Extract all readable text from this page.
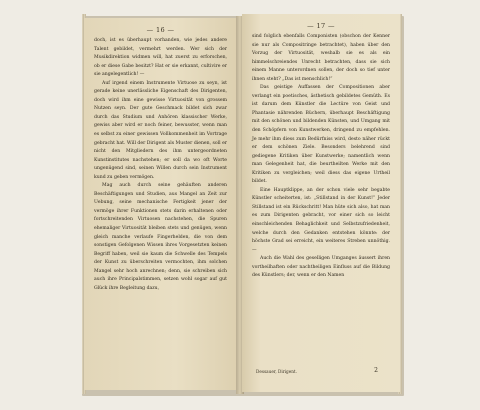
— 16 —

doch, ist es überhaupt vorhanden, wie jedes andere Talent gebildet, vermehrt werden. Wer sich der Musikdirektion widmen will, hat zuerst zu erforschen, ob er diese Gabe besitzt? Hat er sie erkannt, cultivire er sie angelegentlich! —

Auf irgend einem Instrumente Virtuose zu seyn, ist gerade keine unerlässliche Eigenschaft des Dirigenten, doch wird ihm eine gewisse Virtuosität von grossem Nutzen seyn. Der gute Geschmack bildet sich zwar durch das Studium und Anhören klassischer Werke, gewiss aber wird er noch feiner, bewusster, wenn man es selbst zu einer gewissen Vollkommenheit im Vortrage gebracht hat. Will der Dirigent als Muster dienen, soll er nicht den Mitgliedern des ihm untergeordneten Kunstinstitutes nachstehen; er soll da wo oft Worte ungenügend sind, seinen Willen durch sein Instrument kund zu geben vermögen.

Mag auch durch seine gehäuften anderen Beschäftigungen und Studien, aus Mangel an Zeit zur Uebung, seine mechanische Fertigkeit jener der vermöge ihrer Funktionen stets darin erhaltenen oder fortschreitenden Virtuosen nachstehen, die Spuren ehemaliger Virtuosität bleiben stets und genügen, wenn gleich manche verlaufe Fingerhelden, die von dem sonstigen Gefolgenen Wissen ihres Vorgesetzten keinen Begriff haben, weil sie kaum die Schwelle des Tempels der Kunst zu überschreiten vermochten, ihm solchen Mangel sehr hoch anrechnen; denn, sie schreiben sich auch ihre Principalstimmen, setzen wohl sogar auf gut Glück ihre Begleitung dazu,

— 17 —

sind folglich ebenfalls Componisten (obschon der Kenner sie nur als Compositringe betrachtet), haben über den Vorzug der Virtuosität, weshalb sie es als ein himmelschreiendes Unrecht betrachten, dass sie sich einem Manne unterordnen sollen, der doch so tief unter ihnen steht? „Das ist menschlich!“

Das geistige Auffassen der Compositionen aber verlangt ein poetisches, ästhetisch gebildetes Gemüth. Es ist darum dem Künstler die Lectüre von Geist und Phantasie nährenden Büchern, überhaupt Beschäftigung mit den schönen und bildenden Künsten, und Umgang mit den Schöpfern von Kunstwerken, dringend zu empfehlen. Je mehr ihm diess zum Bedürfniss wird, desto näher rückt er dem schönen Ziele. Besonders belehrend sind gediegene Kritiken über Kunstwerke; namentlich wenn man Gelegenheit hat, die beurtheilten Werke mit den Kritiken zu vergleichen; weil diess das eigene Urtheil bildet.

Eine Hauptklippe, an der schon viele sehr begabte Künstler scheiterten, ist: „Stillstand in der Kunst!“ Jeder Stillstand ist ein Rückschritt! Man hüte sich also, hat man es zum Dirigenten gebracht, vor einer sich so leicht einschleichenden Behaglichkeit und Selbstzufriedenheit, welche durch den Gedanken entstehen könnte: der höchste Grad sei erreicht, ein weiteres Streben unnöthig. —

Auch die Wahl des geselligen Umganges äussert ihren vortheilhaften oder nachtheiligen Einfluss auf die Bildung des Künstlers; der, wenn er den Namen

Dessauer, Dirigent.	2
